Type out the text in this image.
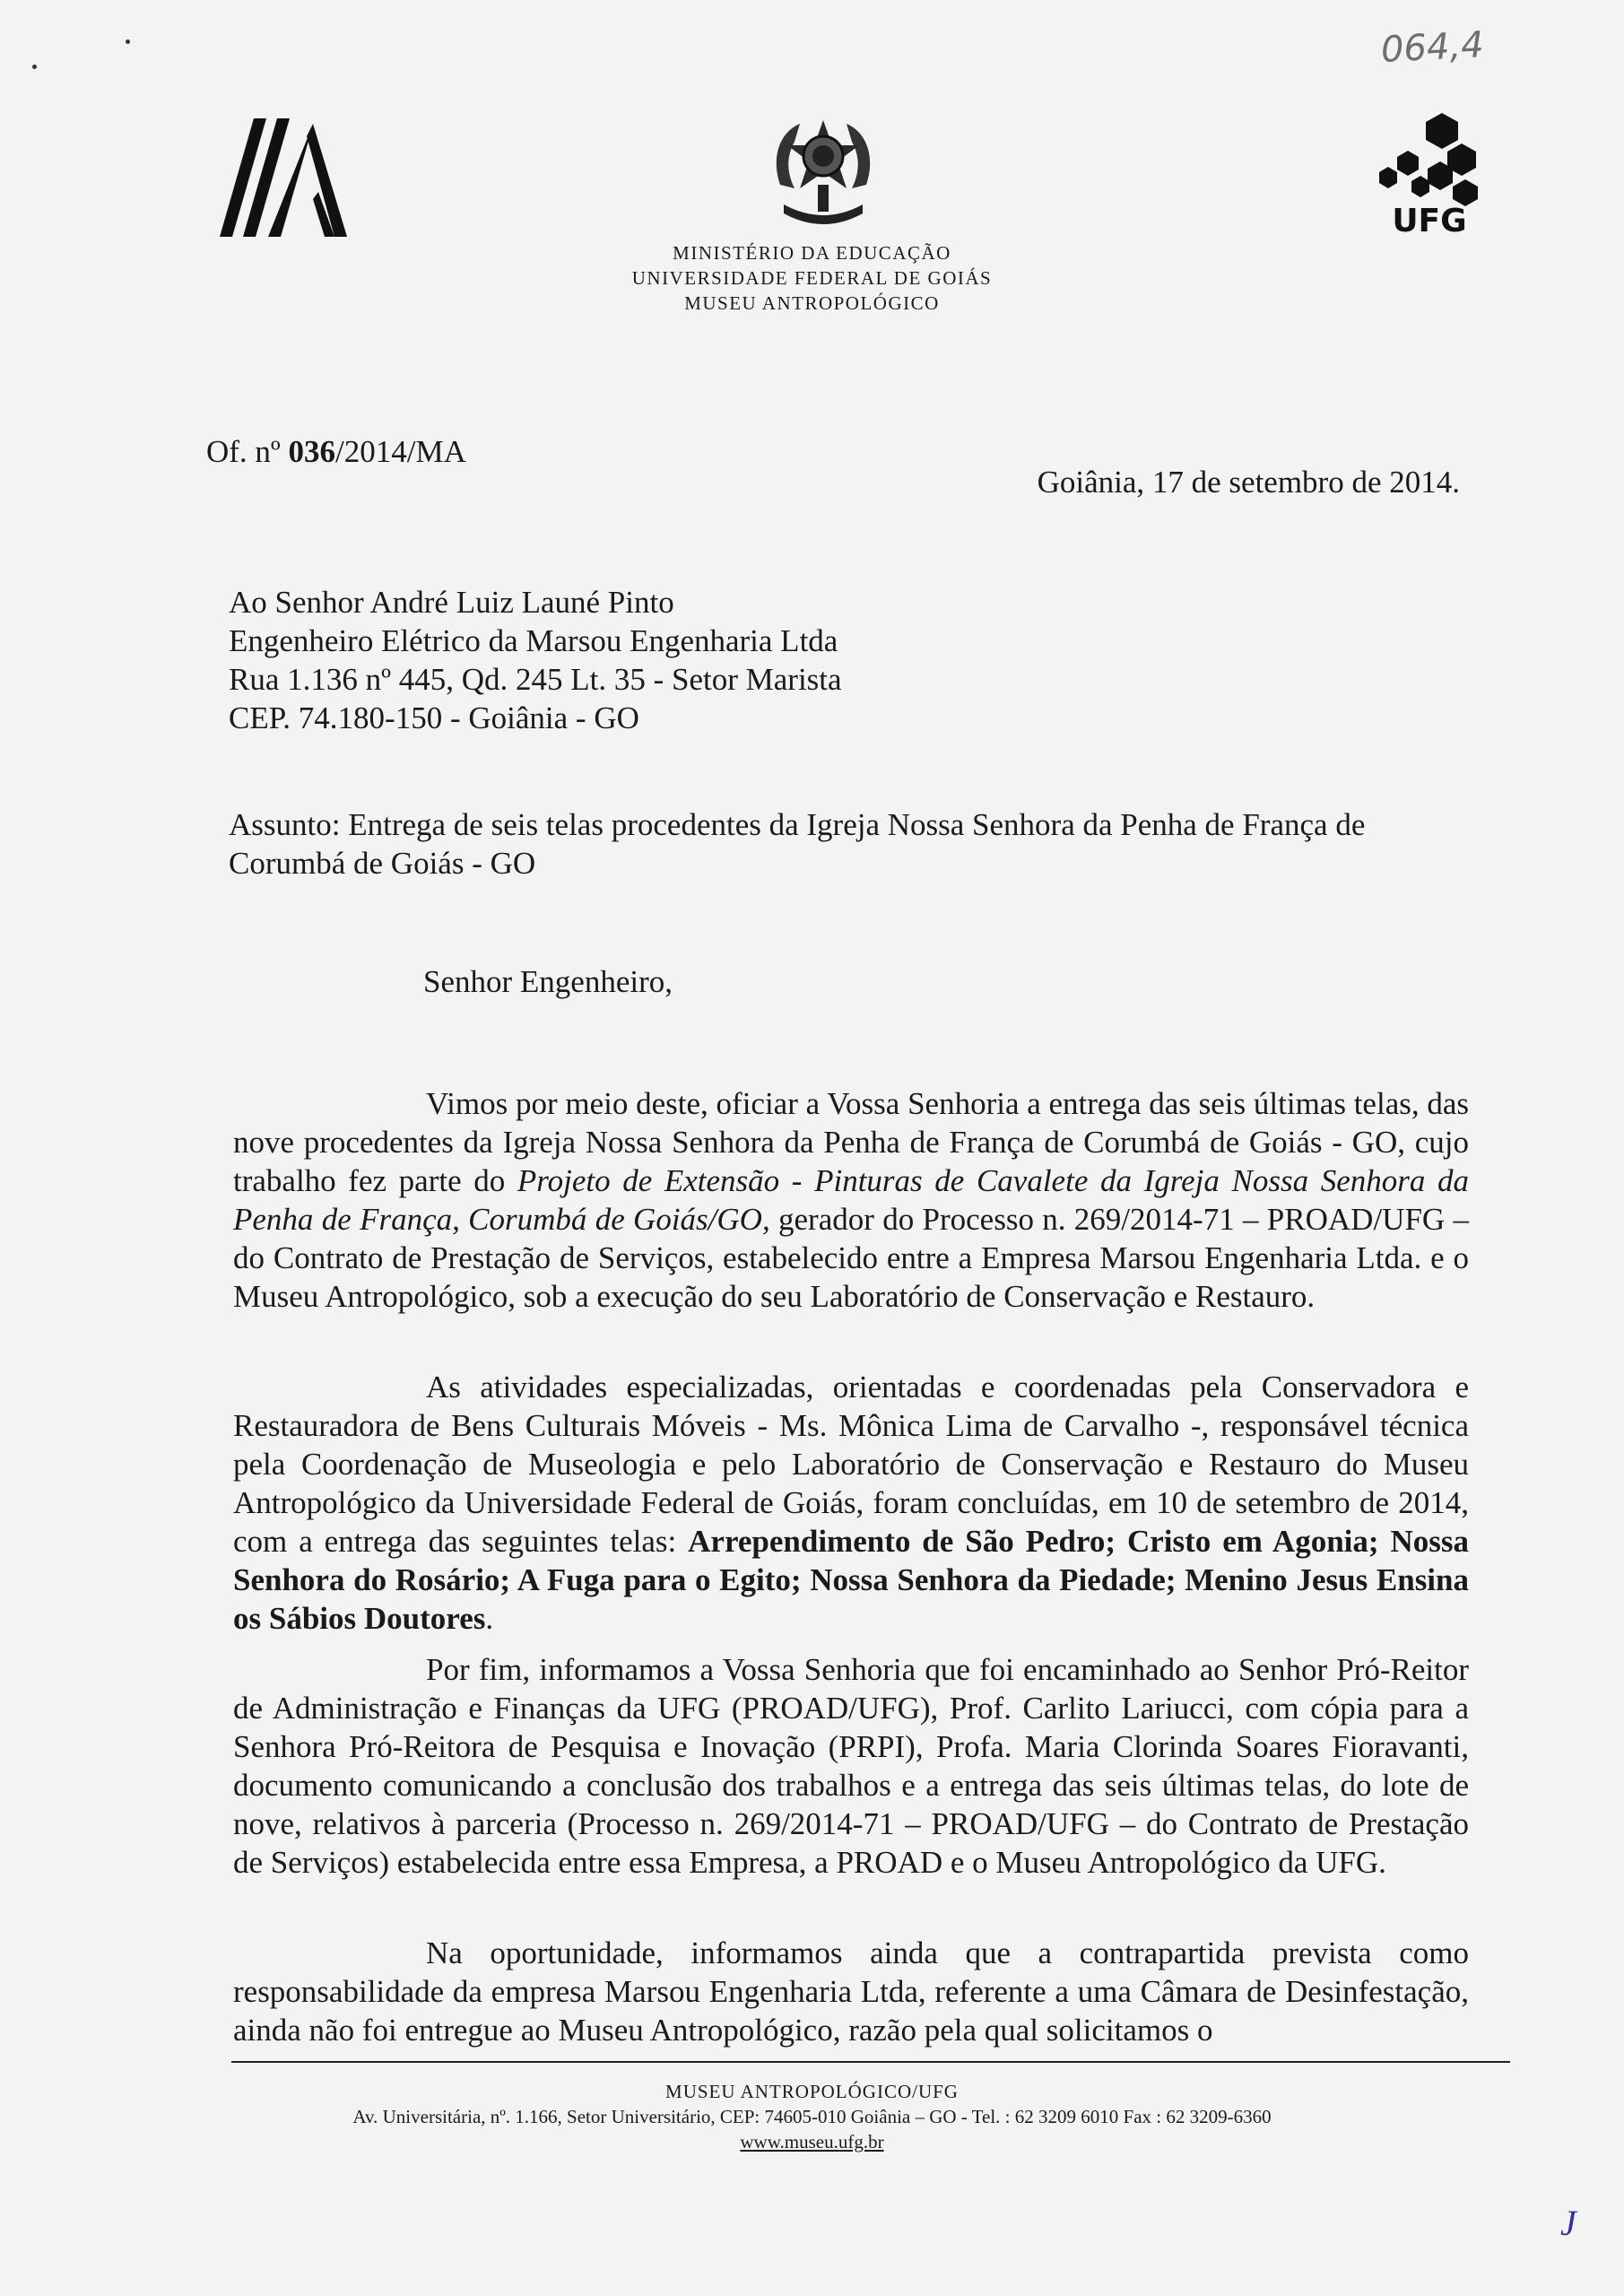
064,4
UFG
MINISTÉRIO DA EDUCAÇÃO
UNIVERSIDADE FEDERAL DE GOIÁS
MUSEU ANTROPOLÓGICO
Of. nº 036/2014/MA
Goiânia, 17 de setembro de 2014.
Ao Senhor André Luiz Launé Pinto
Engenheiro Elétrico da Marsou Engenharia Ltda
Rua 1.136 nº 445, Qd. 245 Lt. 35 - Setor Marista
CEP. 74.180-150 - Goiânia - GO
Assunto: Entrega de seis telas procedentes da Igreja Nossa Senhora da Penha de França de
Corumbá de Goiás - GO
Senhor Engenheiro,
Vimos por meio deste, oficiar a Vossa Senhoria a entrega das seis últimas telas, das nove procedentes da Igreja Nossa Senhora da Penha de França de Corumbá de Goiás - GO, cujo trabalho fez parte do Projeto de Extensão - Pinturas de Cavalete da Igreja Nossa Senhora da Penha de França, Corumbá de Goiás/GO, gerador do Processo n. 269/2014-71 – PROAD/UFG – do Contrato de Prestação de Serviços, estabelecido entre a Empresa Marsou Engenharia Ltda. e o Museu Antropológico, sob a execução do seu Laboratório de Conservação e Restauro.
As atividades especializadas, orientadas e coordenadas pela Conservadora e Restauradora de Bens Culturais Móveis - Ms. Mônica Lima de Carvalho -, responsável técnica pela Coordenação de Museologia e pelo Laboratório de Conservação e Restauro do Museu Antropológico da Universidade Federal de Goiás, foram concluídas, em 10 de setembro de 2014, com a entrega das seguintes telas: Arrependimento de São Pedro; Cristo em Agonia; Nossa Senhora do Rosário; A Fuga para o Egito; Nossa Senhora da Piedade; Menino Jesus Ensina os Sábios Doutores.
Por fim, informamos a Vossa Senhoria que foi encaminhado ao Senhor Pró-Reitor de Administração e Finanças da UFG (PROAD/UFG), Prof. Carlito Lariucci, com cópia para a Senhora Pró-Reitora de Pesquisa e Inovação (PRPI), Profa. Maria Clorinda Soares Fioravanti, documento comunicando a conclusão dos trabalhos e a entrega das seis últimas telas, do lote de nove, relativos à parceria (Processo n. 269/2014-71 – PROAD/UFG – do Contrato de Prestação de Serviços) estabelecida entre essa Empresa, a PROAD e o Museu Antropológico da UFG.
Na oportunidade, informamos ainda que a contrapartida prevista como responsabilidade da empresa Marsou Engenharia Ltda, referente a uma Câmara de Desinfestação, ainda não foi entregue ao Museu Antropológico, razão pela qual solicitamos o
MUSEU ANTROPOLÓGICO/UFG
Av. Universitária, nº. 1.166, Setor Universitário, CEP: 74605-010 Goiânia – GO - Tel. : 62 3209 6010 Fax : 62 3209-6360
www.museu.ufg.br
J
